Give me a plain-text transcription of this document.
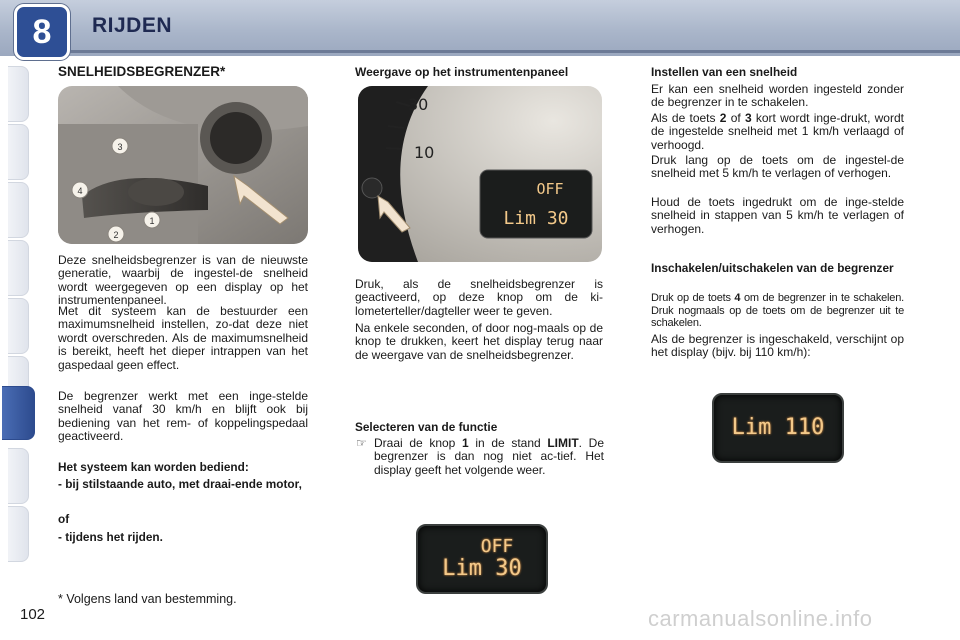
8	RIJDEN
SNELHEIDSBEGRENZER*
1
3
4
2

Deze snelheidsbegrenzer is van de nieuwste generatie, waarbij de ingestel-de snelheid wordt weergegeven op een display op het instrumentenpaneel.

Met dit systeem kan de bestuurder een maximumsnelheid instellen, zo-dat deze niet wordt overschreden. Als de maximumsnelheid is bereikt, heeft het dieper intrappen van het gaspedaal geen effect.

De begrenzer werkt met een inge-stelde snelheid vanaf 30 km/h en blijft ook bij bediening van het rem- of koppelingspedaal geactiveerd.

Het systeem kan worden bediend:
- bij stilstaande auto, met draai-ende motor,
of
- tijdens het rijden.
Weergave op het instrumentenpaneel
30
10
OFF
Lim 30

Druk, als de snelheidsbegrenzer is geactiveerd, op deze knop om de ki-lometerteller/dagteller weer te geven.

Na enkele seconden, of door nog-maals op de knop te drukken, keert het display terug naar de weergave van de snelheidsbegrenzer.

Selecteren van de functie
☞ Draai de knop 1 in de stand LIMIT. De begrenzer is dan nog niet ac-tief. Het display geeft het volgende weer.

OFF
Lim 30
Instellen van een snelheid

Er kan een snelheid worden ingesteld zonder de begrenzer in te schakelen.

Als de toets 2 of 3 kort wordt inge-drukt, wordt de ingestelde snelheid met 1 km/h verlaagd of verhoogd.

Druk lang op de toets om de ingestel-de snelheid met 5 km/h te verlagen of verhogen.

Houd de toets ingedrukt om de inge-stelde snelheid in stappen van 5 km/h te verlagen of verhogen.

Inschakelen/uitschakelen van de begrenzer

Druk op de toets 4 om de begrenzer in te schakelen. Druk nogmaals op de toets om de begrenzer uit te schakelen.

Als de begrenzer is ingeschakeld, verschijnt op het display (bijv. bij 110 km/h):

Lim 110
* Volgens land van bestemming.
102	carmanualsonline.info
